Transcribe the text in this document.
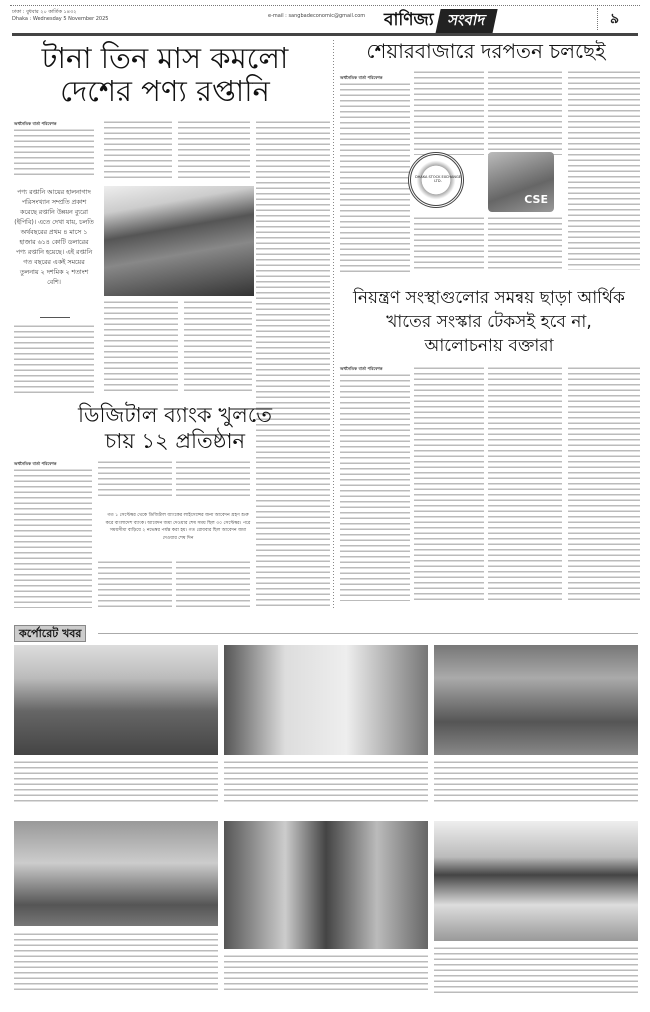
ঢাকা : বুধবার ২০ কার্তিক ১৪৩২
Dhaka : Wednesday 5 November 2025	e-mail : sangbadeconomic@gmail.com বাণিজ্য সংবাদ	৯
টানা তিন মাস কমলো
দেশের পণ্য রপ্তানি
অর্থনৈতিক বার্তা পরিবেশক
পণ্য রপ্তানি আয়ের হালনাগাদ পরিসংখ্যান সম্প্রতি প্রকাশ করেছে রপ্তানি উন্নয়ন ব্যুরো (ইপিবি)। এতে দেখা যায়, চলতি অর্থবছরের প্রথম ৪ মাসে ১ হাজার ৬১৪ কোটি ডলারের পণ্য রপ্তানি হয়েছে। এই রপ্তানি গত বছরের একই সময়ের তুলনায় ২ দশমিক ২ শতাংশ বেশি।
শেয়ারবাজারে দরপতন চলছেই
অর্থনৈতিক বার্তা পরিবেশক
DHAKA STOCK EXCHANGE LTD.
CSE
নিয়ন্ত্রণ সংস্থাগুলোর সমন্বয় ছাড়া আর্থিক
খাতের সংস্কার টেকসই হবে না,
আলোচনায় বক্তারা
অর্থনৈতিক বার্তা পরিবেশক
ডিজিটাল ব্যাংক খুলতে
চায় ১২ প্রতিষ্ঠান
অর্থনৈতিক বার্তা পরিবেশক
গত ১ সেপ্টেম্বর থেকে ডিজিটাল ব্যাংকের লাইসেন্সের জন্য আবেদন গ্রহণ শুরু করে বাংলাদেশ ব্যাংক। আবেদন জমা দেওয়ার শেষ সময় ছিল ৩০ সেপ্টেম্বর। পরে সময়সীমা বাড়িয়ে ২ নভেম্বর পর্যন্ত করা হয়। গত রোববার ছিল আবেদন জমা দেওয়ার শেষ দিন
কর্পোরেট খবর
